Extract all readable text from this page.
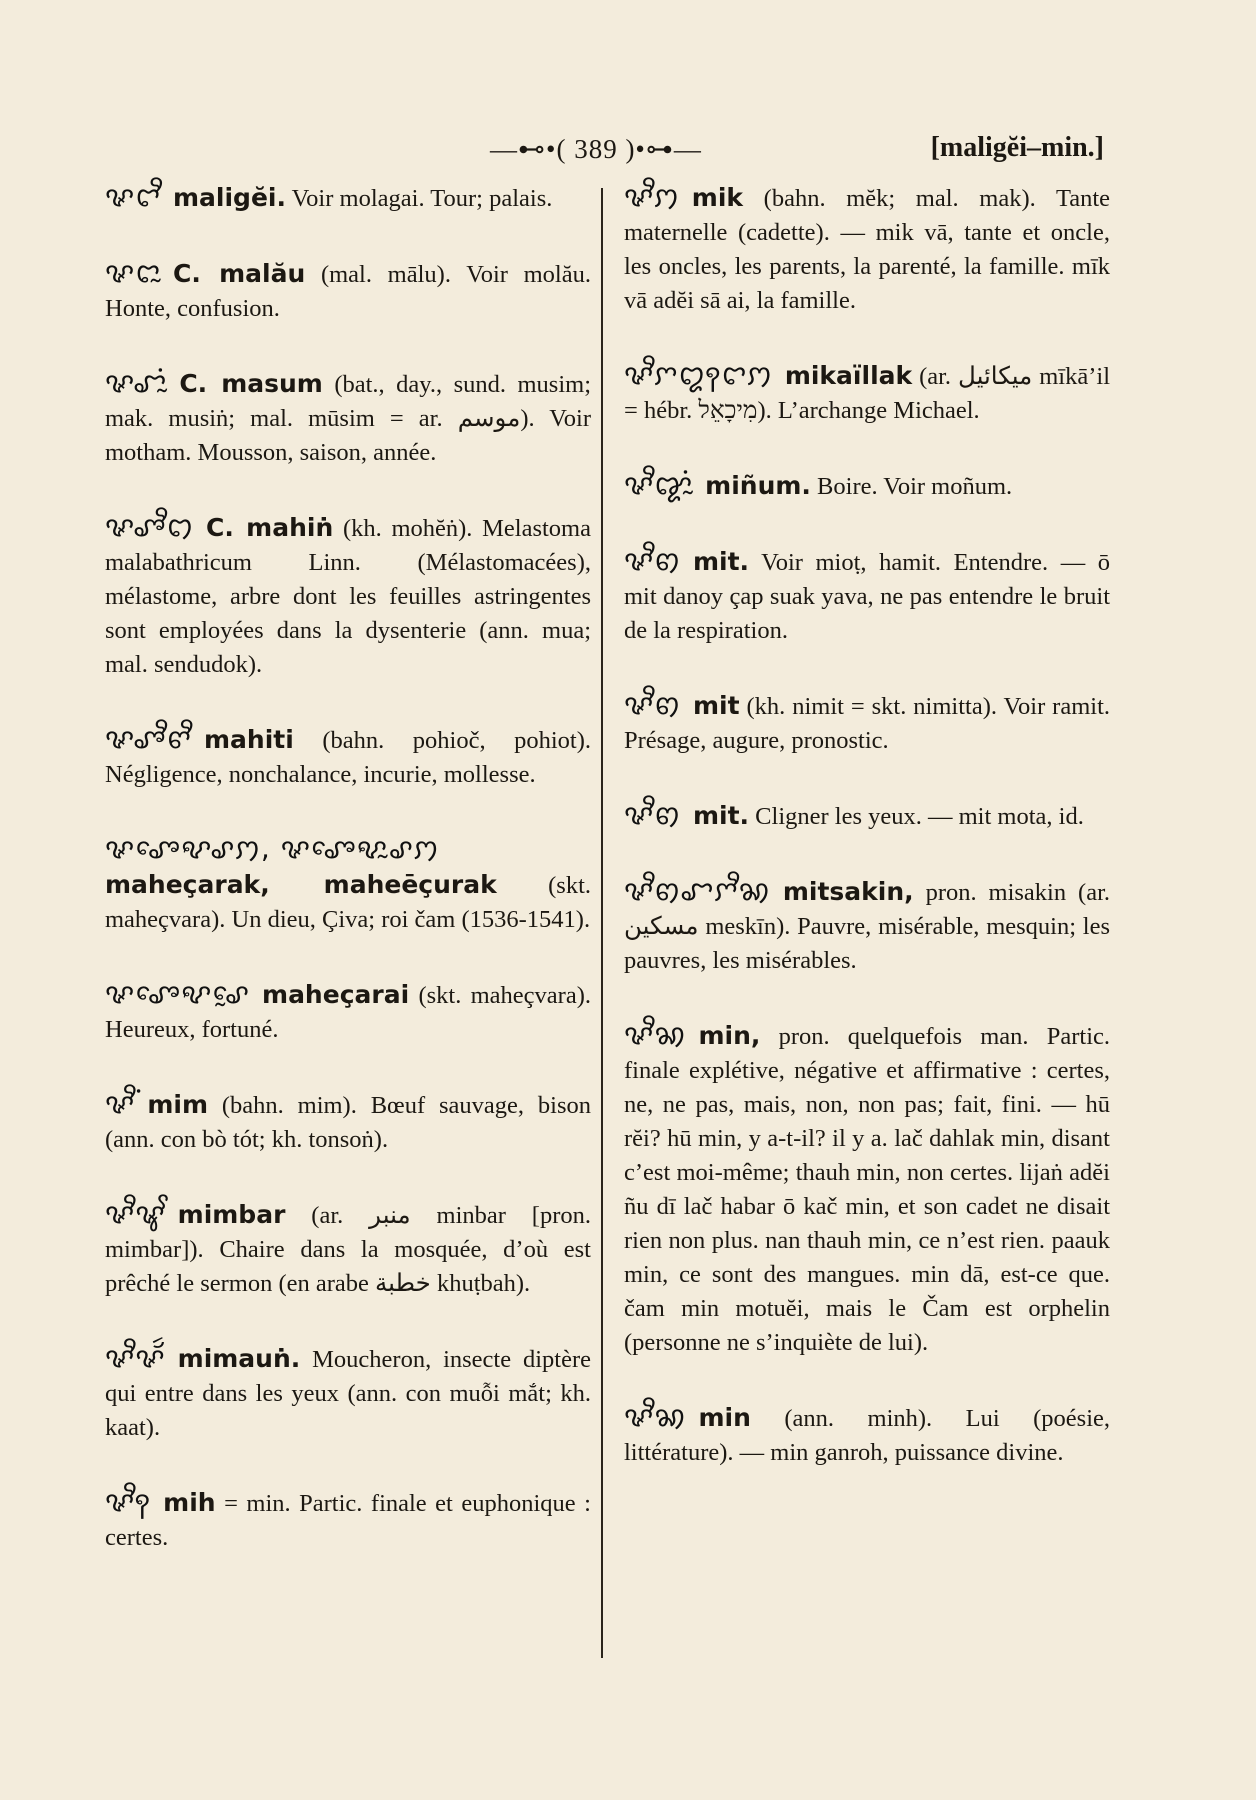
—⊷•( 389 )•⊶—	[maligĕi–min.]
ꨟꨤꨪ maligĕi. Voir molagai. Tour; palais.
ꨟꨤꨭ C. malău (mal. mālu). Voir molău. Honte, confusion.
ꨟꨧꨭꩌ C. masum (bat., day., sund. musim; mak. musiṅ; mal. mūsim = ar. موسم). Voir motham. Mousson, saison, année.
ꨟꨨꨪꩊ C. mahiṅ (kh. mohĕṅ). Melastoma malabathricum Linn. (Mélastomacées), mélastome, arbre dont les feuilles astringentes sont employées dans la dysenterie (ann. mua; mal. sendudok).
ꨟꨨꨪꨓꨪ mahiti (bahn. pohioč, pohiot). Négligence, nonchalance, incurie, mollesse.
ꨟꨨꨯꨦꨣꩀ, ꨟꨨꨯꨦꨭꨣꩀmaheçarak, maheēçurak (skt. maheçvara). Un dieu, Çiva; roi čam (1536-1541).
ꨟꨨꨯꨦꨣꨰ maheçarai (skt. maheçvara). Heureux, fortuné.
ꨟꨪꩌ mim (bahn. mim). Bœuf sauvage, bison (ann. con bò tót; kh. tonsoṅ).
ꨟꨪꨡꨩ mimbar (ar. منبر minbar [pron. mimbar]). Chaire dans la mosquée, d’où est prêché le sermon (en arabe خطبة khuṭbah).
ꨟꨪꨟꨮꩃ mimauṅ. Moucheron, insecte diptère qui entre dans les yeux (ann. con muỗi mắt; kh. kaat).
ꨟꨪꩍ mih = min. Partic. finale et euphonique : certes.
ꨟꨪꩀ mik (bahn. mĕk; mal. mak). Tante maternelle (cadette). — mik vā, tante et oncle, les oncles, les parents, la parenté, la famille. mīk vā adĕi sā ai, la famille.
ꨟꨪꨆꨁꩍꨤꩀ mikaïllak (ar. ميكائيل mīkā’il = hébr. מִיכָאֵל). L’archange Michael.
ꨟꨪꨑꨭꩌ miñum. Boire. Voir moñum.
ꨟꨪꩅ mit. Voir mioṭ, hamit. Entendre. — ō mit danoy çap suak yava, ne pas entendre le bruit de la respiration.
ꨟꨪꩅ mit (kh. nimit = skt. nimitta). Voir ramit. Présage, augure, pronostic.
ꨟꨪꩅ mit. Cligner les yeux. — mit mota, id.
ꨟꨪꩅꨧꨆꨪꩆ mitsakin, pron. misakin (ar. مسكين meskīn). Pauvre, misérable, mesquin; les pauvres, les misérables.
ꨟꨪꩆ min, pron. quelquefois man. Partic. finale explétive, négative et affirmative : certes, ne, ne pas, mais, non, non pas; fait, fini. — hū rĕi? hū min, y a-t-il? il y a. lač dahlak min, disant c’est moi-même; thauh min, non certes. lijaṅ adĕi ñu dī lač habar ō kač min, et son cadet ne disait rien non plus. nan thauh min, ce n’est rien. paauk min, ce sont des mangues. min dā, est-ce que. čam min motuĕi, mais le Čam est orphelin (personne ne s’inquiète de lui).
ꨟꨪꩆ min (ann. minh). Lui (poésie, littérature). — min ganroh, puissance divine.
